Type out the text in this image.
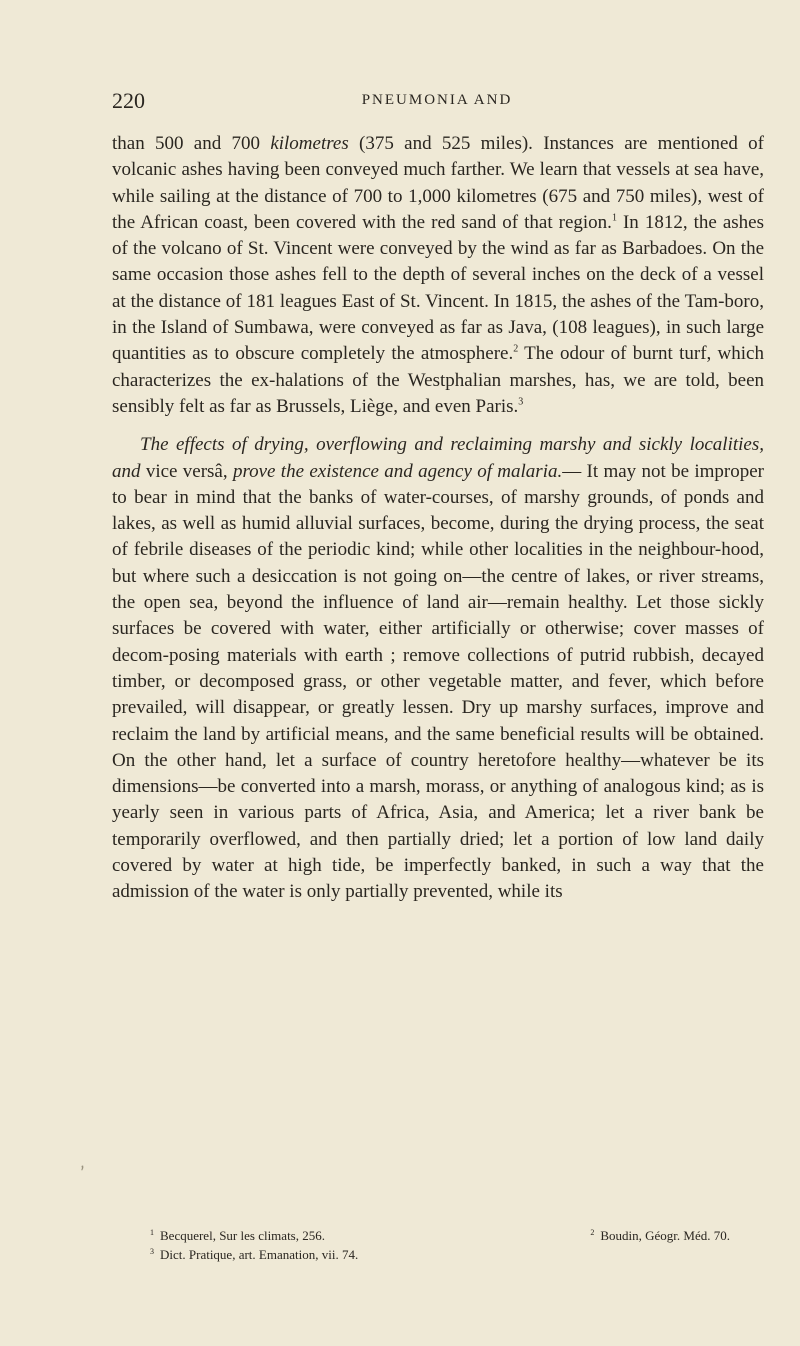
220	PNEUMONIA AND

than 500 and 700 kilometres (375 and 525 miles). Instances are mentioned of volcanic ashes having been conveyed much farther. We learn that vessels at sea have, while sailing at the distance of 700 to 1,000 kilometres (675 and 750 miles), west of the African coast, been covered with the red sand of that region.$^1$ In 1812, the ashes of the volcano of St. Vincent were conveyed by the wind as far as Barbadoes. On the same occasion those ashes fell to the depth of several inches on the deck of a vessel at the distance of 181 leagues East of St. Vincent. In 1815, the ashes of the Tam-boro, in the Island of Sumbawa, were conveyed as far as Java, (108 leagues), in such large quantities as to obscure completely the atmosphere.$^2$ The odour of burnt turf, which characterizes the ex-halations of the Westphalian marshes, has, we are told, been sensibly felt as far as Brussels, Liège, and even Paris.$^3$

The effects of drying, overflowing and reclaiming marshy and sickly localities, and vice versâ, prove the existence and agency of malaria.— It may not be improper to bear in mind that the banks of water-courses, of marshy grounds, of ponds and lakes, as well as humid alluvial surfaces, become, during the drying process, the seat of febrile diseases of the periodic kind; while other localities in the neighbour-hood, but where such a desiccation is not going on—the centre of lakes, or river streams, the open sea, beyond the influence of land air—remain healthy. Let those sickly surfaces be covered with water, either artificially or otherwise; cover masses of decom-posing materials with earth ; remove collections of putrid rubbish, decayed timber, or decomposed grass, or other vegetable matter, and fever, which before prevailed, will disappear, or greatly lessen. Dry up marshy surfaces, improve and reclaim the land by artificial means, and the same beneficial results will be obtained. On the other hand, let a surface of country heretofore healthy—whatever be its dimensions—be converted into a marsh, morass, or anything of analogous kind; as is yearly seen in various parts of Africa, Asia, and America; let a river bank be temporarily overflowed, and then partially dried; let a portion of low land daily covered by water at high tide, be imperfectly banked, in such a way that the admission of the water is only partially prevented, while its

,
$^1$ Becquerel, Sur les climats, 256.	$^2$ Boudin, Géogr. Méd. 70.
$^3$ Dict. Pratique, art. Emanation, vii. 74.
